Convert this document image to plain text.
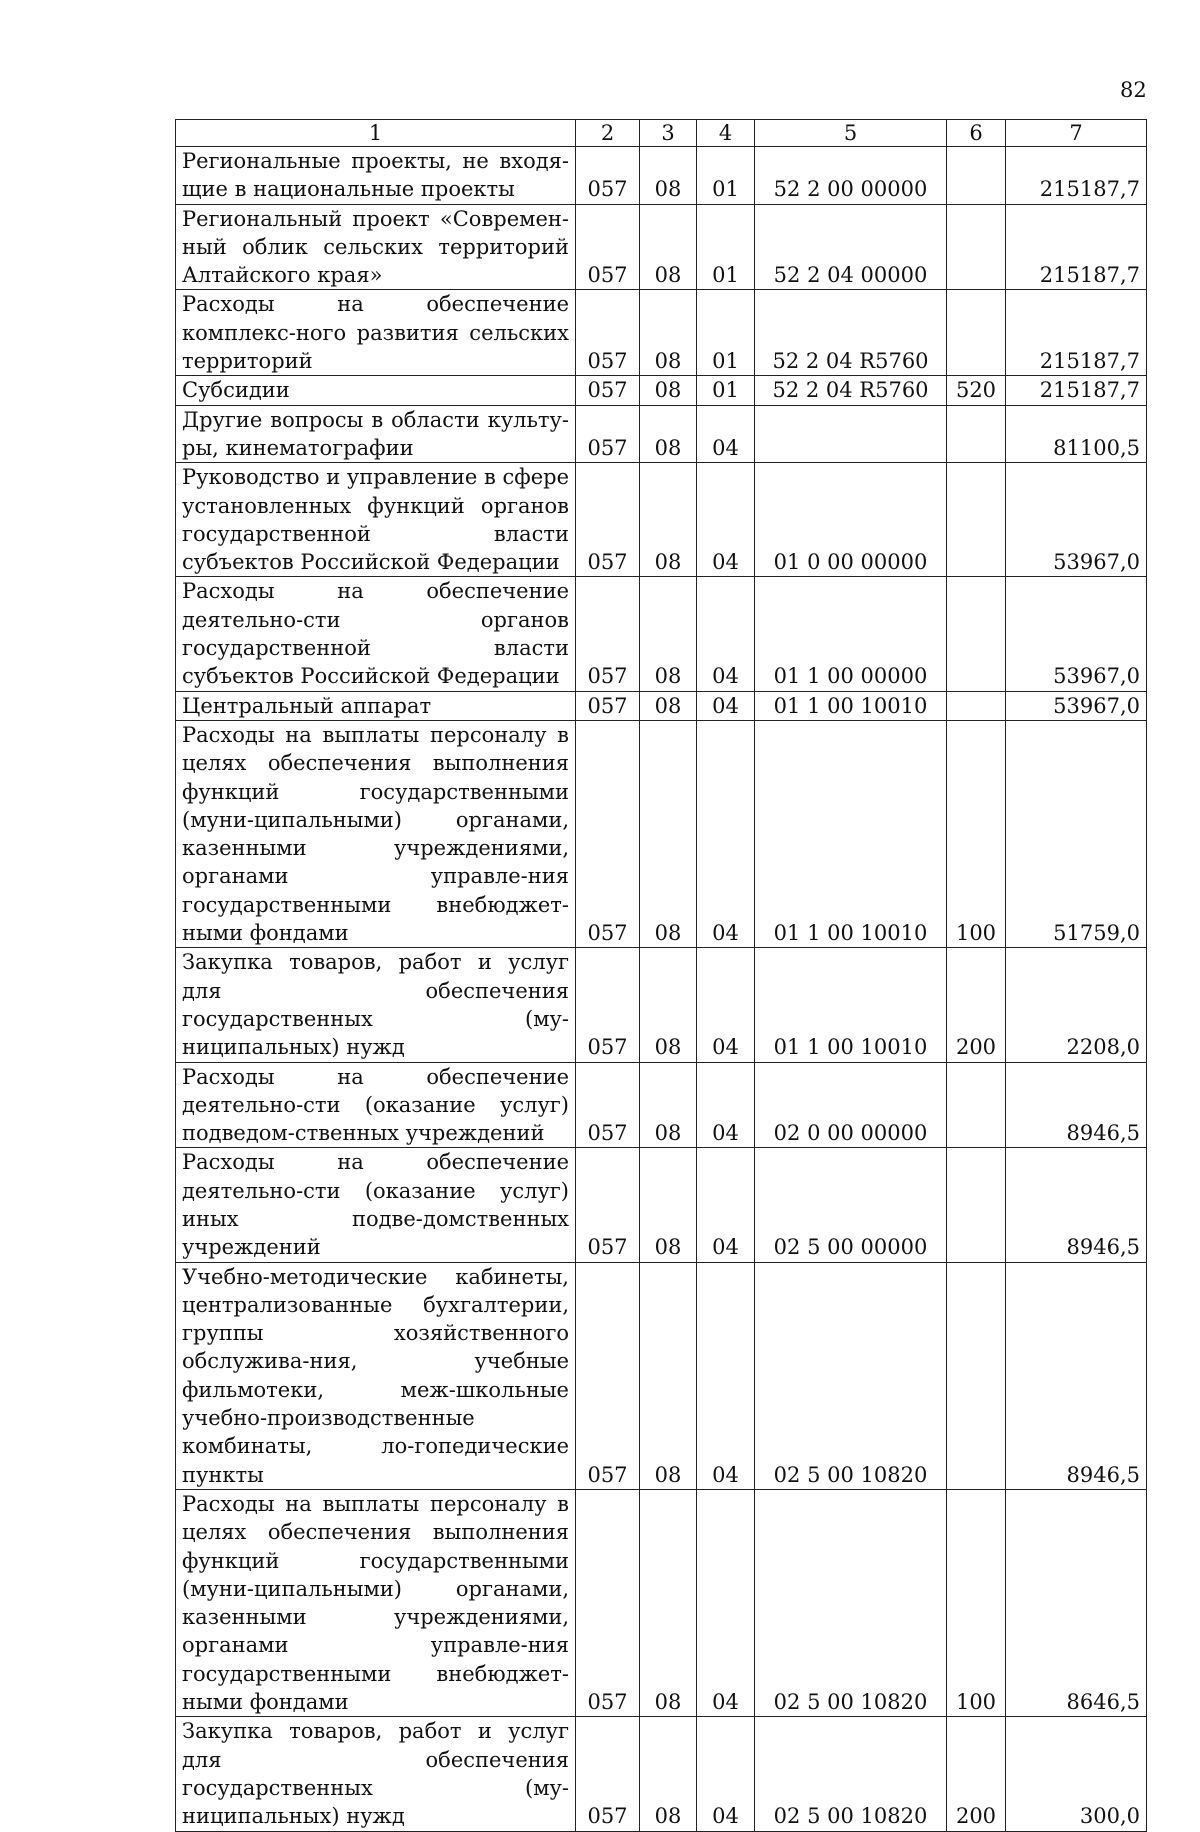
82
1	2	3	4	5	6	7
Региональные проекты, не входя-щие в национальные проекты	057	08	01	52 2 00 00000		215187,7
Региональный проект «Современ-ный облик сельских территорий Алтайского края»	057	08	01	52 2 04 00000		215187,7
Расходы на обеспечение комплекс-ного развития сельских территорий	057	08	01	52 2 04 R5760		215187,7
Субсидии	057	08	01	52 2 04 R5760	520	215187,7
Другие вопросы в области культу-ры, кинематографии	057	08	04			81100,5
Руководство и управление в сфере установленных функций органов государственной власти субъектов Российской Федерации	057	08	04	01 0 00 00000		53967,0
Расходы на обеспечение деятельно-сти органов государственной власти субъектов Российской Федерации	057	08	04	01 1 00 00000		53967,0
Центральный аппарат	057	08	04	01 1 00 10010		53967,0
Расходы на выплаты персоналу в целях обеспечения выполнения функций государственными (муни-ципальными) органами, казенными учреждениями, органами управле-ния государственными внебюджет-ными фондами	057	08	04	01 1 00 10010	100	51759,0
Закупка товаров, работ и услуг для обеспечения государственных (му-ниципальных) нужд	057	08	04	01 1 00 10010	200	2208,0
Расходы на обеспечение деятельно-сти (оказание услуг) подведом-ственных учреждений	057	08	04	02 0 00 00000		8946,5
Расходы на обеспечение деятельно-сти (оказание услуг) иных подве-домственных учреждений	057	08	04	02 5 00 00000		8946,5
Учебно-методические кабинеты, централизованные бухгалтерии, группы хозяйственного обслужива-ния, учебные фильмотеки, меж-школьные учебно-производственные комбинаты, ло-гопедические пункты	057	08	04	02 5 00 10820		8946,5
Расходы на выплаты персоналу в целях обеспечения выполнения функций государственными (муни-ципальными) органами, казенными учреждениями, органами управле-ния государственными внебюджет-ными фондами	057	08	04	02 5 00 10820	100	8646,5
Закупка товаров, работ и услуг для обеспечения государственных (му-ниципальных) нужд	057	08	04	02 5 00 10820	200	300,0
